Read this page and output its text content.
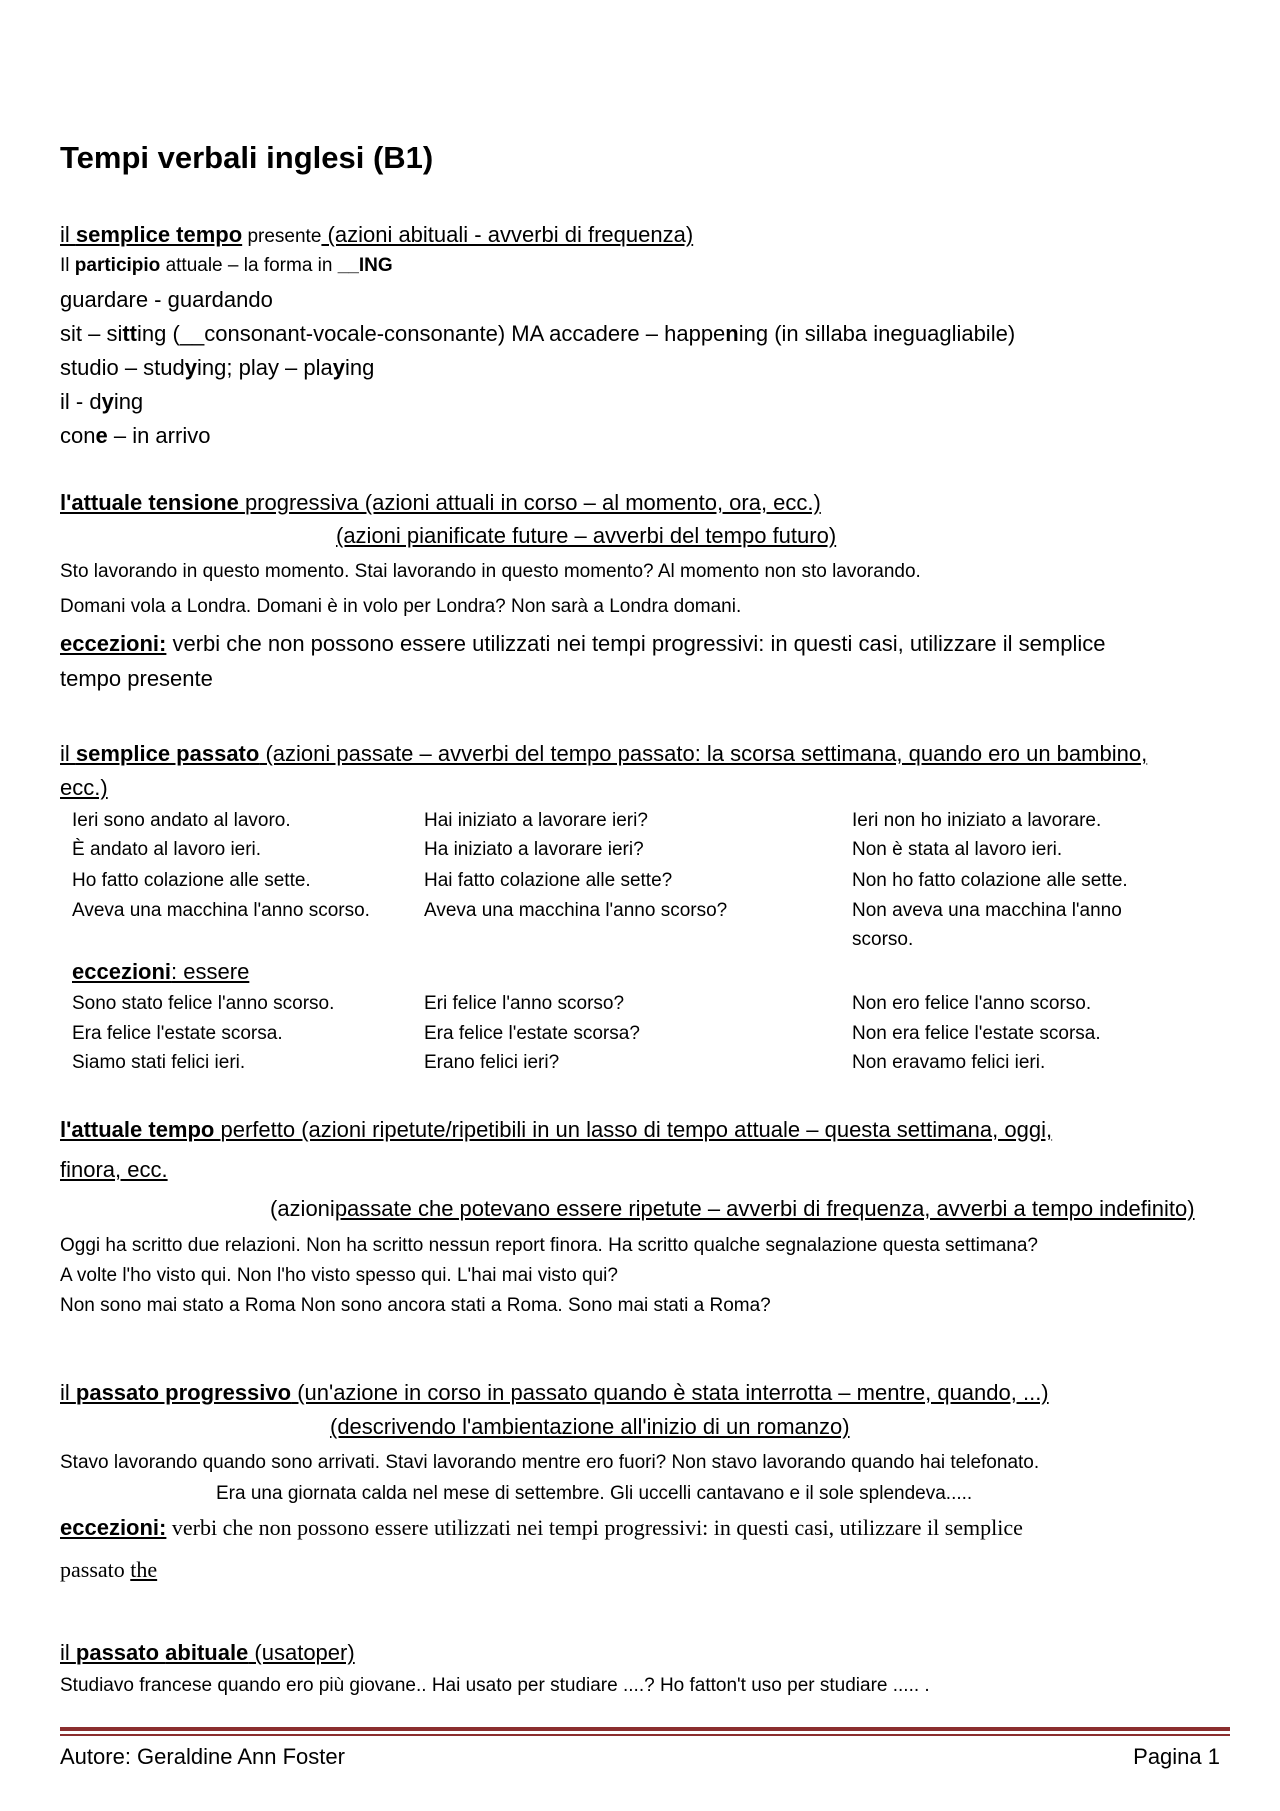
Tempi verbali inglesi (B1)
il semplice tempo presente (azioni abituali - avverbi di frequenza)
Il participio attuale – la forma in __ING
guardare - guardando
sit – sitting (__consonant-vocale-consonante) MA accadere – happening (in sillaba ineguagliabile)
studio – studying; play – playing
il - dying
cone – in arrivo
l'attuale tensione progressiva (azioni attuali in corso – al momento, ora, ecc.)
(azioni pianificate future – avverbi del tempo futuro)
Sto lavorando in questo momento. Stai lavorando in questo momento? Al momento non sto lavorando.
Domani vola a Londra. Domani è in volo per Londra? Non sarà a Londra domani.
eccezioni: verbi che non possono essere utilizzati nei tempi progressivi: in questi casi, utilizzare il semplice
tempo presente
il semplice passato (azioni passate – avverbi del tempo passato: la scorsa settimana, quando ero un bambino,
ecc.)
Ieri sono andato al lavoro.	Hai iniziato a lavorare ieri?	Ieri non ho iniziato a lavorare.
È andato al lavoro ieri.	Ha iniziato a lavorare ieri?	Non è stata al lavoro ieri.
Ho fatto colazione alle sette.	Hai fatto colazione alle sette?	Non ho fatto colazione alle sette.
Aveva una macchina l'anno scorso.	Aveva una macchina l'anno scorso?	Non aveva una macchina l'anno scorso.
eccezioni: essere
Sono stato felice l'anno scorso.	Eri felice l'anno scorso?	Non ero felice l'anno scorso.
Era felice l'estate scorsa.	Era felice l'estate scorsa?	Non era felice l'estate scorsa.
Siamo stati felici ieri.	Erano felici ieri?	Non eravamo felici ieri.
l'attuale tempo perfetto (azioni ripetute/ripetibili in un lasso di tempo attuale – questa settimana, oggi,
finora, ecc.
(azionipassate che potevano essere ripetute – avverbi di frequenza, avverbi a tempo indefinito)
Oggi ha scritto due relazioni. Non ha scritto nessun report finora. Ha scritto qualche segnalazione questa settimana?
A volte l'ho visto qui. Non l'ho visto spesso qui. L'hai mai visto qui?
Non sono mai stato a Roma Non sono ancora stati a Roma. Sono mai stati a Roma?
il passato progressivo (un'azione in corso in passato quando è stata interrotta – mentre, quando, ...)
(descrivendo l'ambientazione all'inizio di un romanzo)
Stavo lavorando quando sono arrivati. Stavi lavorando mentre ero fuori? Non stavo lavorando quando hai telefonato.
Era una giornata calda nel mese di settembre. Gli uccelli cantavano e il sole splendeva.....
eccezioni: verbi che non possono essere utilizzati nei tempi progressivi: in questi casi, utilizzare il semplice
passato the
il passato abituale (usatoper)
Studiavo francese quando ero più giovane.. Hai usato per studiare ....? Ho fatton't uso per studiare ..... .
Autore: Geraldine Ann Foster	Pagina 1
